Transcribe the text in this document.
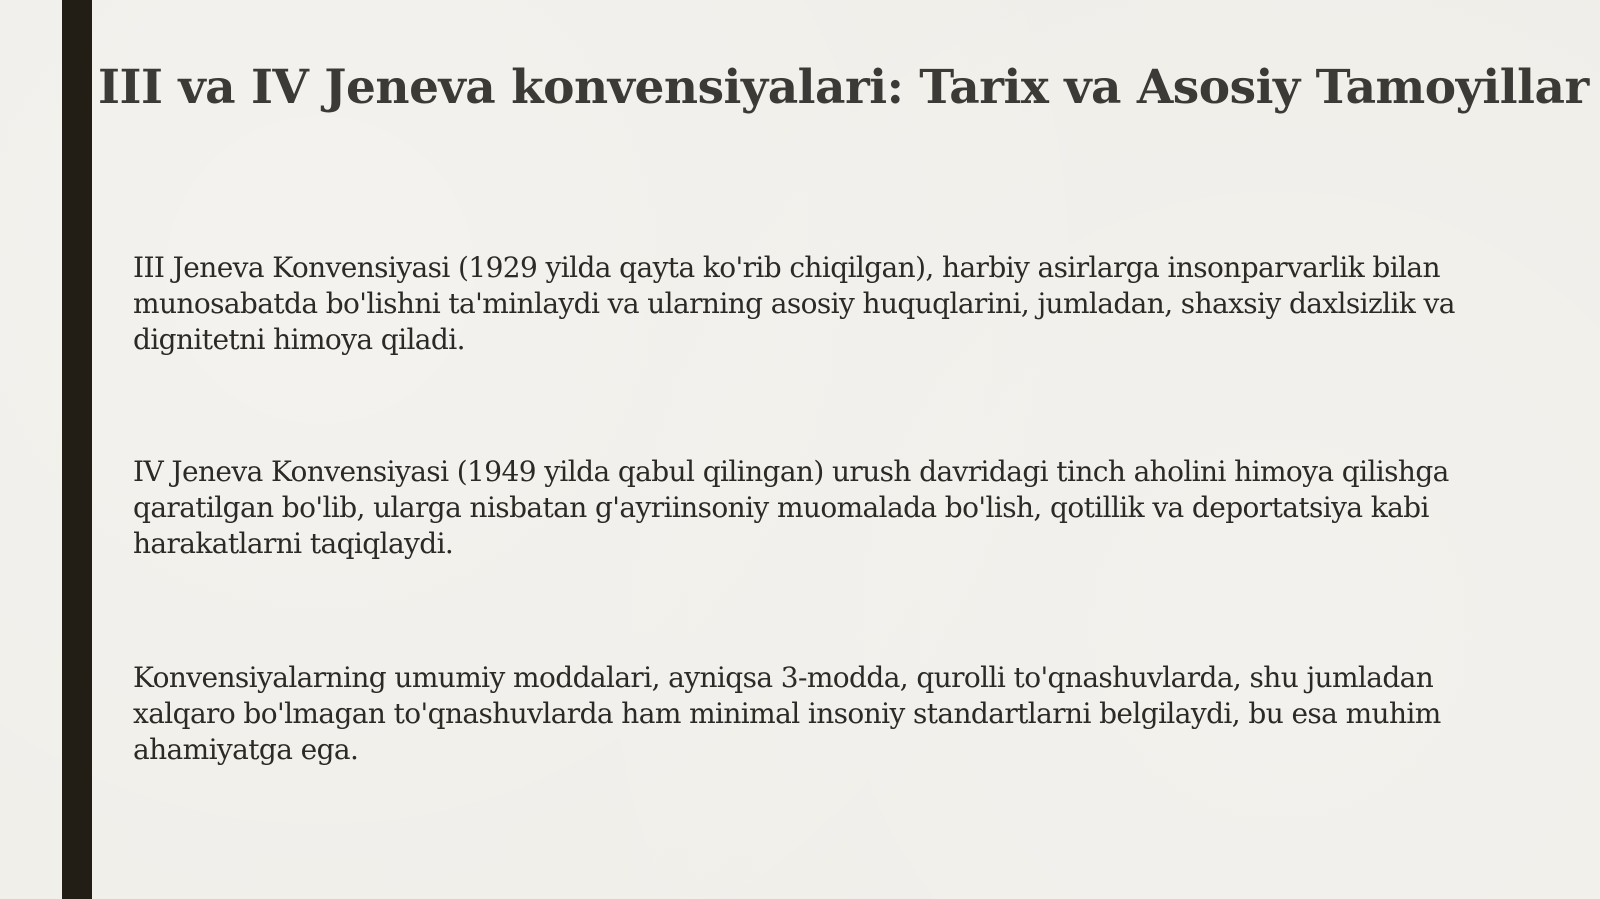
III va IV Jeneva konvensiyalari: Tarix va Asosiy Tamoyillar

III Jeneva Konvensiyasi (1929 yilda qayta ko'rib chiqilgan), harbiy asirlarga insonparvarlik bilan munosabatda bo'lishni ta'minlaydi va ularning asosiy huquqlarini, jumladan, shaxsiy daxlsizlik va dignitetni himoya qiladi.

IV Jeneva Konvensiyasi (1949 yilda qabul qilingan) urush davridagi tinch aholini himoya qilishga qaratilgan bo'lib, ularga nisbatan g'ayriinsoniy muomalada bo'lish, qotillik va deportatsiya kabi harakatlarni taqiqlaydi.

Konvensiyalarning umumiy moddalari, ayniqsa 3-modda, qurolli to'qnashuvlarda, shu jumladan xalqaro bo'lmagan to'qnashuvlarda ham minimal insoniy standartlarni belgilaydi, bu esa muhim ahamiyatga ega.
